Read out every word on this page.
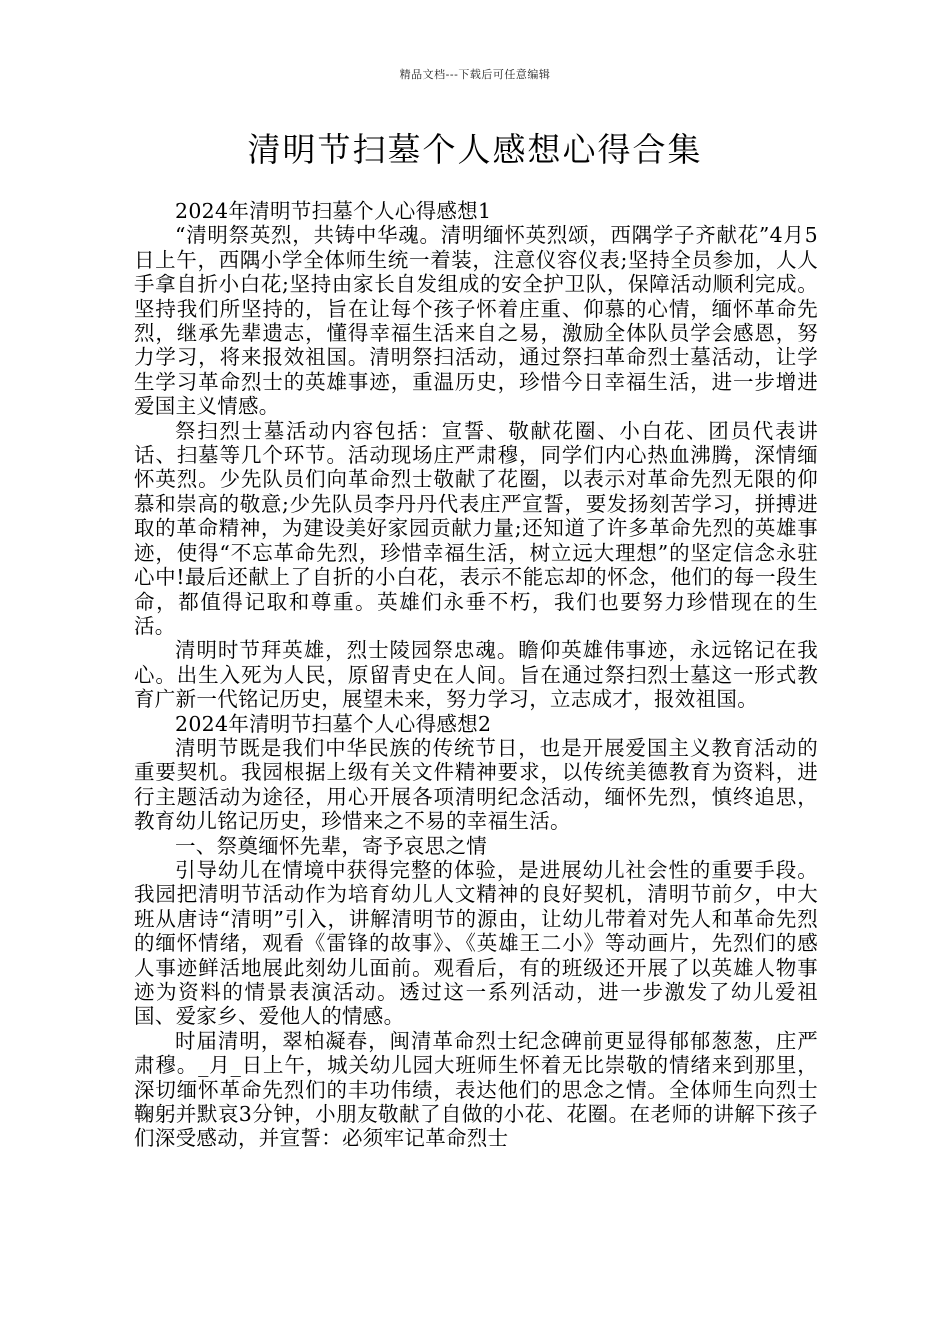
精品文档---下载后可任意编辑
清明节扫墓个人感想心得合集

2024年清明节扫墓个人心得感想1

“清明祭英烈，共铸中华魂。清明缅怀英烈颂，西隅学子齐献花”4月5日上午，西隅小学全体师生统一着装，注意仪容仪表;坚持全员参加，人人手拿自折小白花;坚持由家长自发组成的安全护卫队，保障活动顺利完成。坚持我们所坚持的，旨在让每个孩子怀着庄重、仰慕的心情，缅怀革命先烈，继承先辈遗志，懂得幸福生活来自之易，激励全体队员学会感恩，努力学习，将来报效祖国。清明祭扫活动，通过祭扫革命烈士墓活动，让学生学习革命烈士的英雄事迹，重温历史，珍惜今日幸福生活，进一步增进爱国主义情感。

祭扫烈士墓活动内容包括：宣誓、敬献花圈、小白花、团员代表讲话、扫墓等几个环节。活动现场庄严肃穆，同学们内心热血沸腾，深情缅怀英烈。少先队员们向革命烈士敬献了花圈，以表示对革命先烈无限的仰慕和崇高的敬意;少先队员李丹丹代表庄严宣誓，要发扬刻苦学习，拼搏进取的革命精神，为建设美好家园贡献力量;还知道了许多革命先烈的英雄事迹，使得“不忘革命先烈，珍惜幸福生活，树立远大理想”的坚定信念永驻心中!最后还献上了自折的小白花，表示不能忘却的怀念，他们的每一段生命，都值得记取和尊重。英雄们永垂不朽，我们也要努力珍惜现在的生活。

清明时节拜英雄，烈士陵园祭忠魂。瞻仰英雄伟事迹，永远铭记在我心。出生入死为人民，原留青史在人间。旨在通过祭扫烈士墓这一形式教育广新一代铭记历史，展望未来，努力学习，立志成才，报效祖国。

2024年清明节扫墓个人心得感想2

清明节既是我们中华民族的传统节日，也是开展爱国主义教育活动的重要契机。我园根据上级有关文件精神要求，以传统美德教育为资料，进行主题活动为途径，用心开展各项清明纪念活动，缅怀先烈，慎终追思，教育幼儿铭记历史，珍惜来之不易的幸福生活。

一、祭奠缅怀先辈，寄予哀思之情

引导幼儿在情境中获得完整的体验，是进展幼儿社会性的重要手段。我园把清明节活动作为培育幼儿人文精神的良好契机，清明节前夕，中大班从唐诗“清明”引入，讲解清明节的源由，让幼儿带着对先人和革命先烈的缅怀情绪，观看《雷锋的故事》、《英雄王二小》等动画片，先烈们的感人事迹鲜活地展此刻幼儿面前。观看后，有的班级还开展了以英雄人物事迹为资料的情景表演活动。透过这一系列活动，进一步激发了幼儿爱祖国、爱家乡、爱他人的情感。

时届清明，翠柏凝春，闽清革命烈士纪念碑前更显得郁郁葱葱，庄严肃穆。_月_日上午，城关幼儿园大班师生怀着无比崇敬的情绪来到那里，深切缅怀革命先烈们的丰功伟绩，表达他们的思念之情。全体师生向烈士鞠躬并默哀3分钟，小朋友敬献了自做的小花、花圈。在老师的讲解下孩子们深受感动，并宣誓：必须牢记革命烈士
